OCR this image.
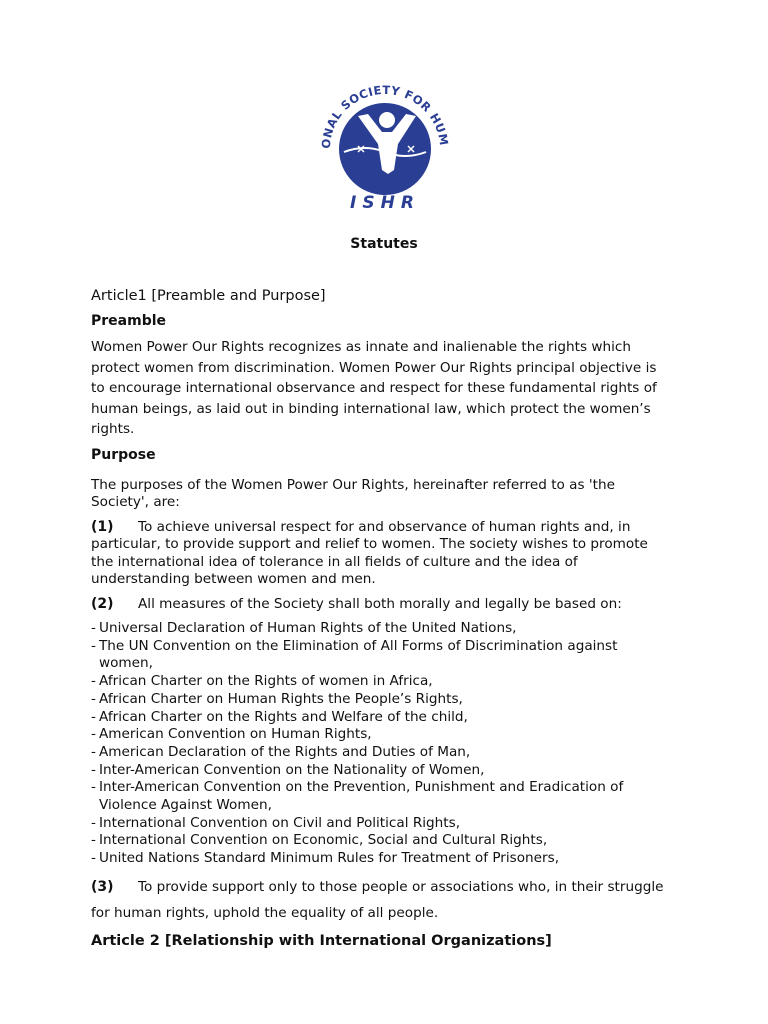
ONAL SOCIETY FOR HUM
ISHR
Statutes
Article1 [Preamble and Purpose]
Preamble

Women Power Our Rights recognizes as innate and inalienable the rights which protect women from discrimination. Women Power Our Rights principal objective is to encourage international observance and respect for these fundamental rights of human beings, as laid out in binding international law, which protect the women’s rights.

Purpose

The purposes of the Women Power Our Rights, hereinafter referred to as 'the Society', are:

(1) To achieve universal respect for and observance of human rights and, in particular, to provide support and relief to women. The society wishes to promote the international idea of tolerance in all fields of culture and the idea of understanding between women and men.

(2) All measures of the Society shall both morally and legally be based on:

- Universal Declaration of Human Rights of the United Nations,
- The UN Convention on the Elimination of All Forms of Discrimination against women,
- African Charter on the Rights of women in Africa,
- African Charter on Human Rights the People’s Rights,
- African Charter on the Rights and Welfare of the child,
- American Convention on Human Rights,
- American Declaration of the Rights and Duties of Man,
- Inter-American Convention on the Nationality of Women,
- Inter-American Convention on the Prevention, Punishment and Eradication of Violence Against Women,
- International Convention on Civil and Political Rights,
- International Convention on Economic, Social and Cultural Rights,
- United Nations Standard Minimum Rules for Treatment of Prisoners,

(3) To provide support only to those people or associations who, in their struggle for human rights, uphold the equality of all people.

Article 2 [Relationship with International Organizations]
